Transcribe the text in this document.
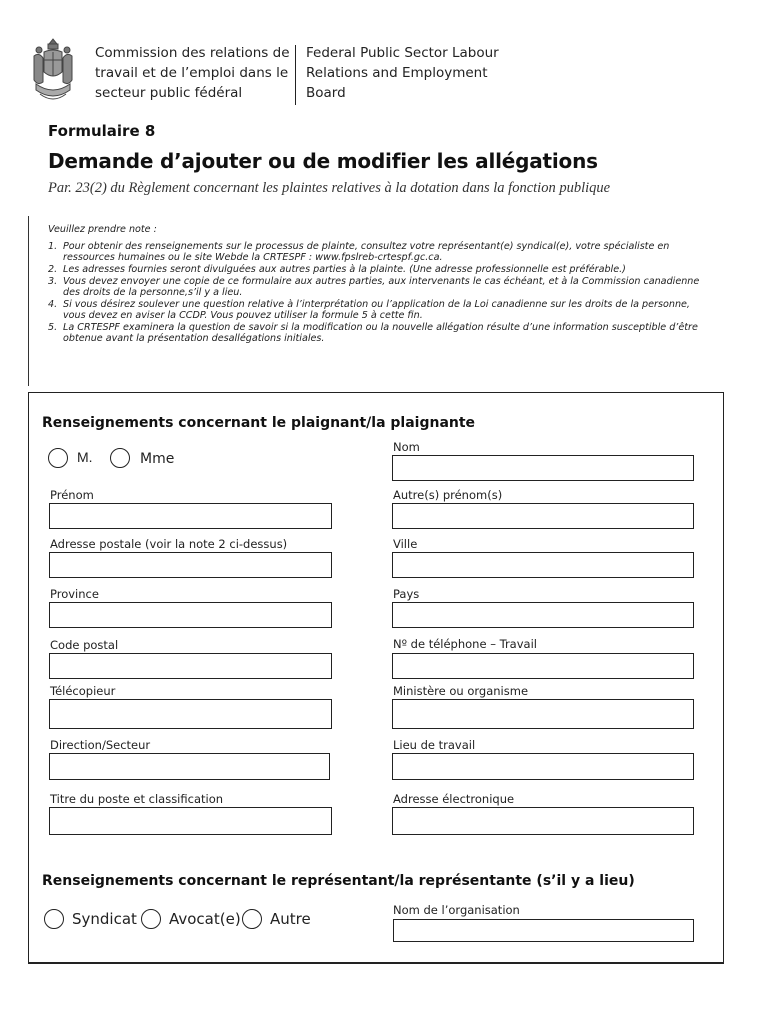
Commission des relations de
travail et de l’emploi dans le
secteur public fédéral
Federal Public Sector Labour
Relations and Employment
Board
Formulaire 8
Demande d’ajouter ou de modifier les allégations
Par. 23(2) du Règlement concernant les plaintes relatives à la dotation dans la fonction publique
Veuillez prendre note :
1. Pour obtenir des renseignements sur le processus de plainte, consultez votre représentant(e) syndical(e), votre spécialiste en ressources humaines ou le site Webde la CRTESPF : www.fpslreb-crtespf.gc.ca.
2. Les adresses fournies seront divulguées aux autres parties à la plainte. (Une adresse professionnelle est préférable.)
3. Vous devez envoyer une copie de ce formulaire aux autres parties, aux intervenants le cas échéant, et à la Commission canadienne des droits de la personne,s’il y a lieu.
4. Si vous désirez soulever une question relative à l’interprétation ou l’application de la Loi canadienne sur les droits de la personne, vous devez en aviser la CCDP. Vous pouvez utiliser la formule 5 à cette fin.
5. La CRTESPF examinera la question de savoir si la modification ou la nouvelle allégation résulte d’une information susceptible d’être obtenue avant la présentation desallégations initiales.
Renseignements concernant le plaignant/la plaignante
M.	Mme
Nom
Prénom	Autre(s) prénom(s)
Adresse postale (voir la note 2 ci-dessus)	Ville
Province	Pays
Code postal	Nº de téléphone – Travail
Télécopieur	Ministère ou organisme
Direction/Secteur	Lieu de travail
Titre du poste et classification	Adresse électronique
Renseignements concernant le représentant/la représentante (s’il y a lieu)
Syndicat Avocat(e) Autre	Nom de l’organisation
